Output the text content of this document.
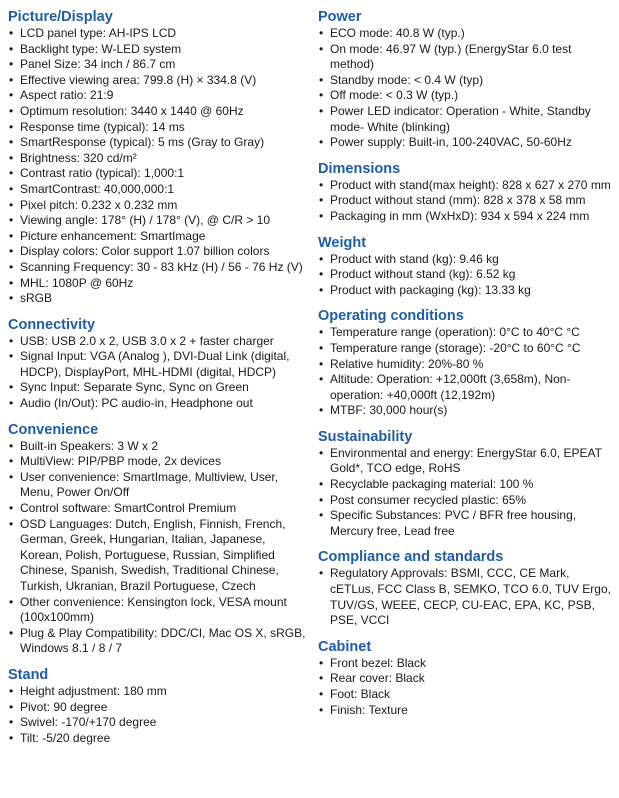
Picture/Display
• LCD panel type: AH-IPS LCD
• Backlight type: W-LED system
• Panel Size: 34 inch / 86.7 cm
• Effective viewing area: 799.8 (H) × 334.8 (V)
• Aspect ratio: 21:9
• Optimum resolution: 3440 x 1440 @ 60Hz
• Response time (typical): 14 ms
• SmartResponse (typical): 5 ms (Gray to Gray)
• Brightness: 320 cd/m²
• Contrast ratio (typical): 1,000:1
• SmartContrast: 40,000,000:1
• Pixel pitch: 0.232 x 0.232 mm
• Viewing angle: 178° (H) / 178° (V), @ C/R > 10
• Picture enhancement: SmartImage
• Display colors: Color support 1.07 billion colors
• Scanning Frequency: 30 - 83 kHz (H) / 56 - 76 Hz (V)
• MHL: 1080P @ 60Hz
• sRGB
Connectivity
• USB: USB 2.0 x 2, USB 3.0 x 2 + faster charger
• Signal Input: VGA (Analog ), DVI-Dual Link (digital, HDCP), DisplayPort, MHL-HDMI (digital, HDCP)
• Sync Input: Separate Sync, Sync on Green
• Audio (In/Out): PC audio-in, Headphone out
Convenience
• Built-in Speakers: 3 W x 2
• MultiView: PIP/PBP mode, 2x devices
• User convenience: SmartImage, Multiview, User, Menu, Power On/Off
• Control software: SmartControl Premium
• OSD Languages: Dutch, English, Finnish, French, German, Greek, Hungarian, Italian, Japanese, Korean, Polish, Portuguese, Russian, Simplified Chinese, Spanish, Swedish, Traditional Chinese, Turkish, Ukranian, Brazil Portuguese, Czech
• Other convenience: Kensington lock, VESA mount (100x100mm)
• Plug & Play Compatibility: DDC/CI, Mac OS X, sRGB, Windows 8.1 / 8 / 7
Stand
• Height adjustment: 180 mm
• Pivot: 90 degree
• Swivel: -170/+170 degree
• Tilt: -5/20 degree
Power
• ECO mode: 40.8 W (typ.)
• On mode: 46.97 W (typ.) (EnergyStar 6.0 test method)
• Standby mode: < 0.4 W (typ)
• Off mode: < 0.3 W (typ.)
• Power LED indicator: Operation - White, Standby mode- White (blinking)
• Power supply: Built-in, 100-240VAC, 50-60Hz
Dimensions
• Product with stand(max height): 828 x 627 x 270 mm
• Product without stand (mm): 828 x 378 x 58 mm
• Packaging in mm (WxHxD): 934 x 594 x 224 mm
Weight
• Product with stand (kg): 9.46 kg
• Product without stand (kg): 6.52 kg
• Product with packaging (kg): 13.33 kg
Operating conditions
• Temperature range (operation): 0°C to 40°C °C
• Temperature range (storage): -20°C to 60°C °C
• Relative humidity: 20%-80 %
• Altitude: Operation: +12,000ft (3,658m), Non-operation: +40,000ft (12,192m)
• MTBF: 30,000 hour(s)
Sustainability
• Environmental and energy: EnergyStar 6.0, EPEAT Gold*, TCO edge, RoHS
• Recyclable packaging material: 100 %
• Post consumer recycled plastic: 65%
• Specific Substances: PVC / BFR free housing, Mercury free, Lead free
Compliance and standards
• Regulatory Approvals: BSMI, CCC, CE Mark, cETLus, FCC Class B, SEMKO, TCO 6.0, TUV Ergo, TUV/GS, WEEE, CECP, CU-EAC, EPA, KC, PSB, PSE, VCCI
Cabinet
• Front bezel: Black
• Rear cover: Black
• Foot: Black
• Finish: Texture
